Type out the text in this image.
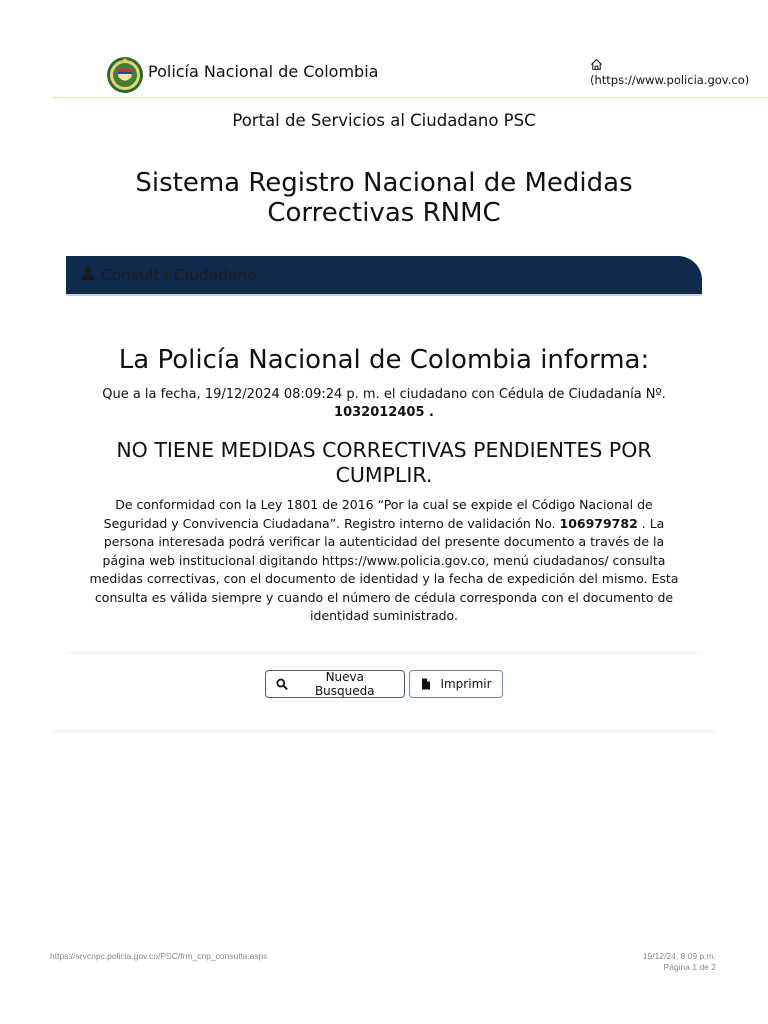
Policía Nacional de Colombia	(https://www.policia.gov.co)
Portal de Servicios al Ciudadano PSC
Sistema Registro Nacional de Medidas Correctivas RNMC
Consulta Ciudadano
La Policía Nacional de Colombia informa:
Que a la fecha, 19/12/2024 08:09:24 p. m. el ciudadano con Cédula de Ciudadanía Nº.
1032012405 .
NO TIENE MEDIDAS CORRECTIVAS PENDIENTES POR CUMPLIR.
De conformidad con la Ley 1801 de 2016 “Por la cual se expide el Código Nacional de Seguridad y Convivencia Ciudadana”. Registro interno de validación No. 106979782 . La persona interesada podrá verificar la autenticidad del presente documento a través de la página web institucional digitando https://www.policia.gov.co, menú ciudadanos/ consulta medidas correctivas, con el documento de identidad y la fecha de expedición del mismo. Esta consulta es válida siempre y cuando el número de cédula corresponda con el documento de identidad suministrado.
Nueva Busqueda	Imprimir
https://srvcnpc.policia.gov.co/PSC/frm_cnp_consulta.aspx	19/12/24, 8:09 p.m.
Página 1 de 2
